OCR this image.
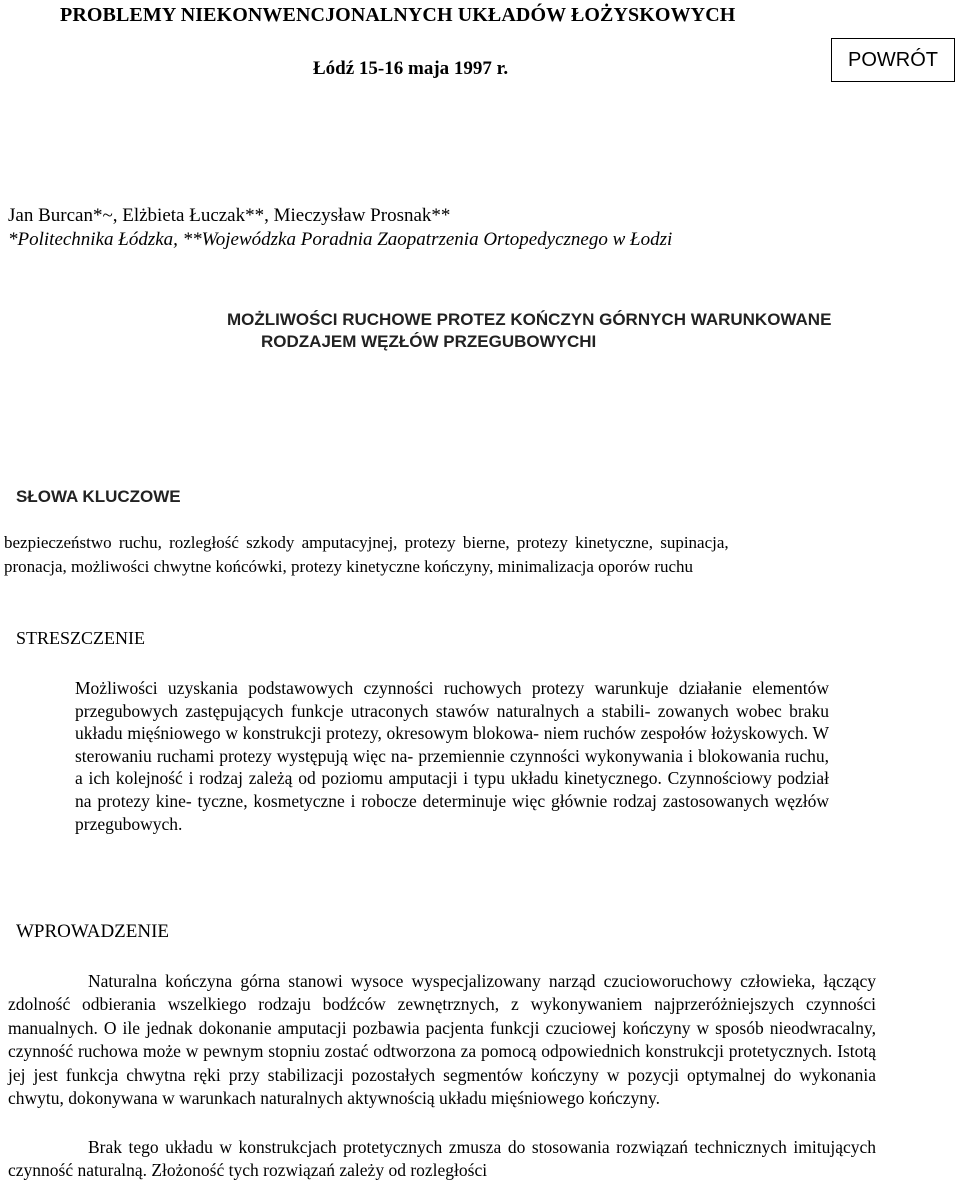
PROBLEMY NIEKONWENCJONALNYCH UKŁADÓW ŁOŻYSKOWYCH
Łódź 15-16 maja 1997 r.	POWRÓT
Jan Burcan*~, Elżbieta Łuczak**, Mieczysław Prosnak**
*Politechnika Łódzka, **Wojewódzka Poradnia Zaopatrzenia Ortopedycznego w Łodzi
MOŻLIWOŚCI RUCHOWE PROTEZ KOŃCZYN GÓRNYCH WARUNKOWANE
RODZAJEM WĘZŁÓW PRZEGUBOWYCHI
SŁOWA KLUCZOWE
bezpieczeństwo ruchu, rozległość szkody amputacyjnej, protezy bierne, protezy kinetyczne, supinacja,
pronacja, możliwości chwytne końcówki, protezy kinetyczne kończyny, minimalizacja oporów ruchu
STRESZCZENIE
Możliwości uzyskania podstawowych czynności ruchowych protezy warunkuje działanie elementów przegubowych zastępujących funkcje utraconych stawów naturalnych a stabili- zowanych wobec braku układu mięśniowego w konstrukcji protezy, okresowym blokowa- niem ruchów zespołów łożyskowych. W sterowaniu ruchami protezy występują więc na- przemiennie czynności wykonywania i blokowania ruchu, a ich kolejność i rodzaj zależą od poziomu amputacji i typu układu kinetycznego. Czynnościowy podział na protezy kine- tyczne, kosmetyczne i robocze determinuje więc głównie rodzaj zastosowanych węzłów przegubowych.
WPROWADZENIE
Naturalna kończyna górna stanowi wysoce wyspecjalizowany narząd czucioworuchowy człowieka, łączący zdolność odbierania wszelkiego rodzaju bodźców zewnętrznych, z wykonywaniem najprzeróżniejszych czynności manualnych. O ile jednak dokonanie amputacji pozbawia pacjenta funkcji czuciowej kończyny w sposób nieodwracalny, czynność ruchowa może w pewnym stopniu zostać odtworzona za pomocą odpowiednich konstrukcji protetycznych. Istotą jej jest funkcja chwytna ręki przy stabilizacji pozostałych segmentów kończyny w pozycji optymalnej do wykonania chwytu, dokonywana w warunkach naturalnych aktywnością układu mięśniowego kończyny.
Brak tego układu w konstrukcjach protetycznych zmusza do stosowania rozwiązań technicznych imitujących czynność naturalną. Złożoność tych rozwiązań zależy od rozległości
